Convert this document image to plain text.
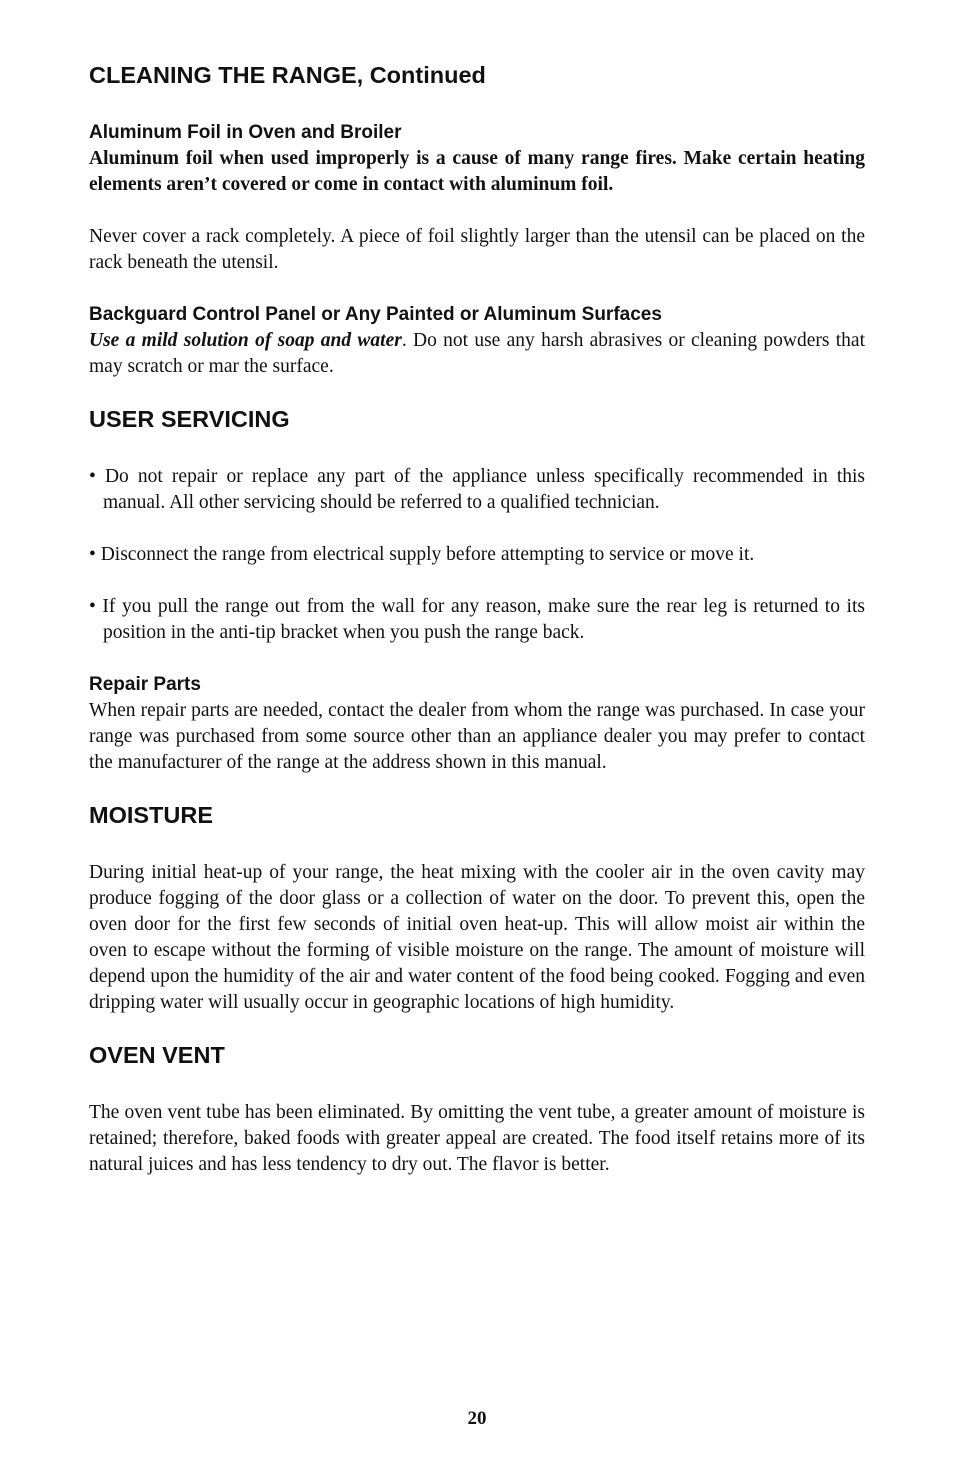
CLEANING THE RANGE, Continued
Aluminum Foil in Oven and Broiler

Aluminum foil when used improperly is a cause of many range fires. Make certain heating elements aren’t covered or come in contact with aluminum foil.

Never cover a rack completely. A piece of foil slightly larger than the utensil can be placed on the rack beneath the utensil.

Backguard Control Panel or Any Painted or Aluminum Surfaces

Use a mild solution of soap and water. Do not use any harsh abrasives or cleaning powders that may scratch or mar the surface.

USER SERVICING

• Do not repair or replace any part of the appliance unless specifically recommended in this manual. All other servicing should be referred to a qualified technician.

• Disconnect the range from electrical supply before attempting to service or move it.

• If you pull the range out from the wall for any reason, make sure the rear leg is returned to its position in the anti-tip bracket when you push the range back.

Repair Parts

When repair parts are needed, contact the dealer from whom the range was purchased. In case your range was purchased from some source other than an appliance dealer you may prefer to contact the manufacturer of the range at the address shown in this manual.

MOISTURE

During initial heat-up of your range, the heat mixing with the cooler air in the oven cavity may produce fogging of the door glass or a collection of water on the door. To prevent this, open the oven door for the first few seconds of initial oven heat-up. This will allow moist air within the oven to escape without the forming of visible moisture on the range. The amount of moisture will depend upon the humidity of the air and water content of the food being cooked. Fogging and even dripping water will usually occur in geographic locations of high humidity.

OVEN VENT

The oven vent tube has been eliminated. By omitting the vent tube, a greater amount of moisture is retained; therefore, baked foods with greater appeal are created. The food itself retains more of its natural juices and has less tendency to dry out. The flavor is better.

20
